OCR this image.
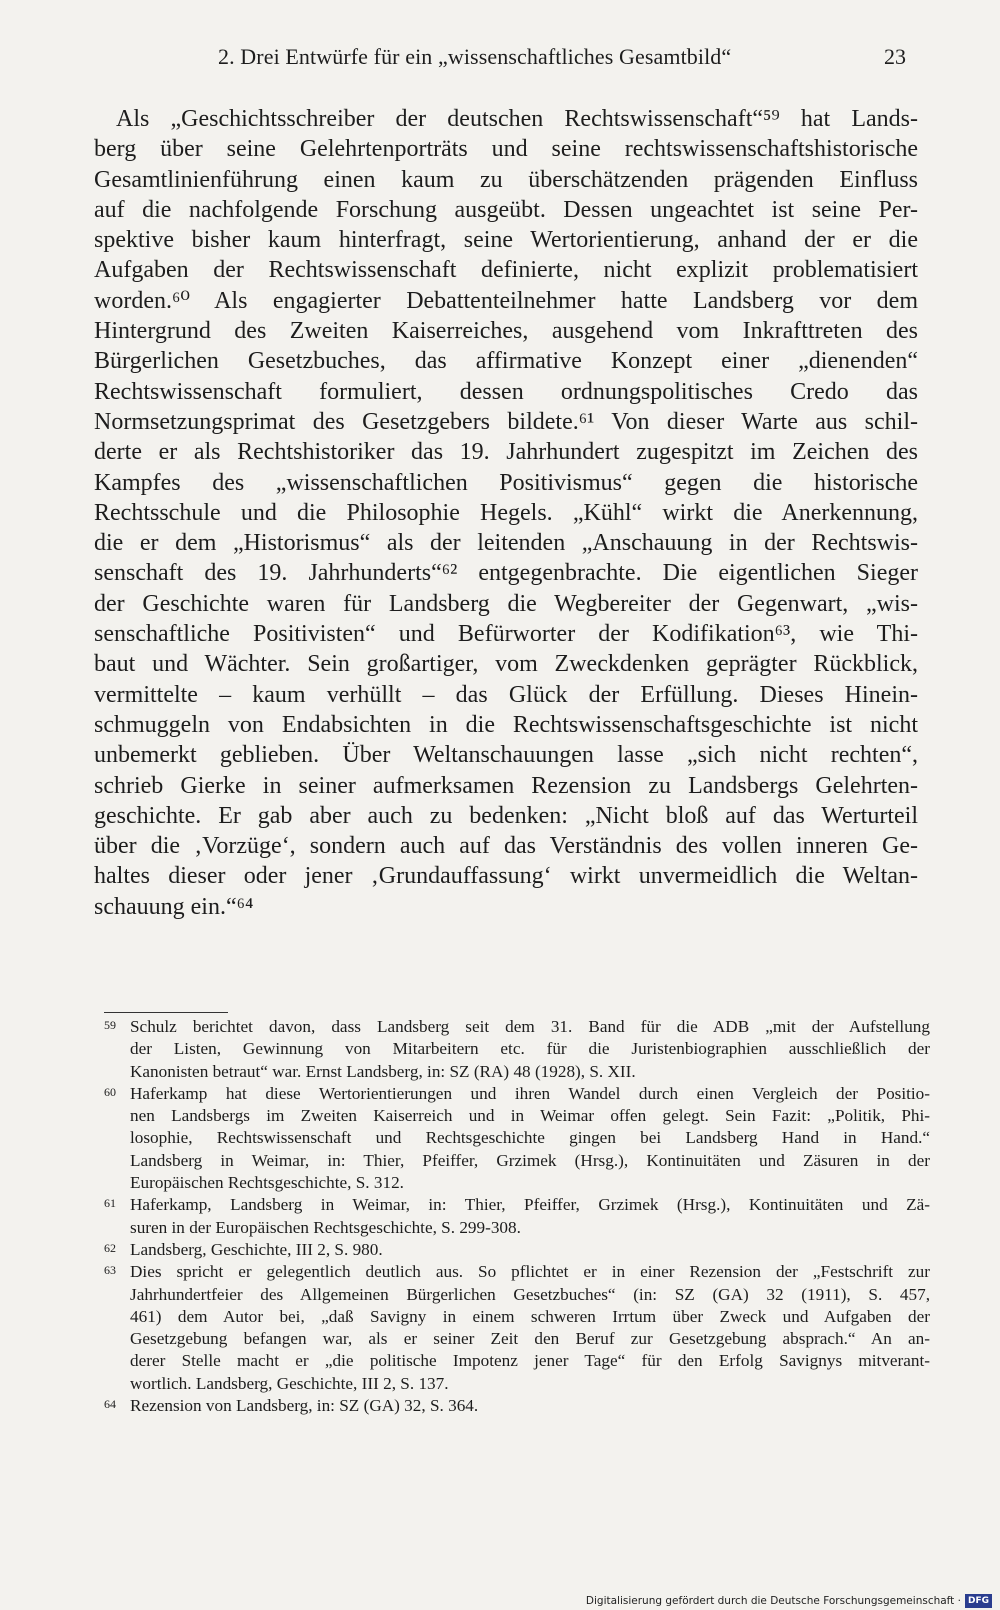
2. Drei Entwürfe für ein „wissenschaftliches Gesamtbild“	23
Als „Geschichtsschreiber der deutschen Rechtswissenschaft“⁵⁹ hat Lands-
berg über seine Gelehrtenporträts und seine rechtswissenschaftshistorische
Gesamtlinienführung einen kaum zu überschätzenden prägenden Einfluss
auf die nachfolgende Forschung ausgeübt. Dessen ungeachtet ist seine Per-
spektive bisher kaum hinterfragt, seine Wertorientierung, anhand der er die
Aufgaben der Rechtswissenschaft definierte, nicht explizit problematisiert
worden.⁶⁰ Als engagierter Debattenteilnehmer hatte Landsberg vor dem
Hintergrund des Zweiten Kaiserreiches, ausgehend vom Inkrafttreten des
Bürgerlichen Gesetzbuches, das affirmative Konzept einer „dienenden“
Rechtswissenschaft formuliert, dessen ordnungspolitisches Credo das
Normsetzungsprimat des Gesetzgebers bildete.⁶¹ Von dieser Warte aus schil-
derte er als Rechtshistoriker das 19. Jahrhundert zugespitzt im Zeichen des
Kampfes des „wissenschaftlichen Positivismus“ gegen die historische
Rechtsschule und die Philosophie Hegels. „Kühl“ wirkt die Anerkennung,
die er dem „Historismus“ als der leitenden „Anschauung in der Rechtswis-
senschaft des 19. Jahrhunderts“⁶² entgegenbrachte. Die eigentlichen Sieger
der Geschichte waren für Landsberg die Wegbereiter der Gegenwart, „wis-
senschaftliche Positivisten“ und Befürworter der Kodifikation⁶³, wie Thi-
baut und Wächter. Sein großartiger, vom Zweckdenken geprägter Rückblick,
vermittelte – kaum verhüllt – das Glück der Erfüllung. Dieses Hinein-
schmuggeln von Endabsichten in die Rechtswissenschaftsgeschichte ist nicht
unbemerkt geblieben. Über Weltanschauungen lasse „sich nicht rechten“,
schrieb Gierke in seiner aufmerksamen Rezension zu Landsbergs Gelehrten-
geschichte. Er gab aber auch zu bedenken: „Nicht bloß auf das Werturteil
über die ‚Vorzüge‘, sondern auch auf das Verständnis des vollen inneren Ge-
haltes dieser oder jener ‚Grundauffassung‘ wirkt unvermeidlich die Weltan-
schauung ein.“⁶⁴
59 Schulz berichtet davon, dass Landsberg seit dem 31. Band für die ADB „mit der Aufstellung
der Listen, Gewinnung von Mitarbeitern etc. für die Juristenbiographien ausschließlich der
Kanonisten betraut“ war. Ernst Landsberg, in: SZ (RA) 48 (1928), S. XII.
60 Haferkamp hat diese Wertorientierungen und ihren Wandel durch einen Vergleich der Positio-
nen Landsbergs im Zweiten Kaiserreich und in Weimar offen gelegt. Sein Fazit: „Politik, Phi-
losophie, Rechtswissenschaft und Rechtsgeschichte gingen bei Landsberg Hand in Hand.“
Landsberg in Weimar, in: Thier, Pfeiffer, Grzimek (Hrsg.), Kontinuitäten und Zäsuren in der
Europäischen Rechtsgeschichte, S. 312.
61 Haferkamp, Landsberg in Weimar, in: Thier, Pfeiffer, Grzimek (Hrsg.), Kontinuitäten und Zä-
suren in der Europäischen Rechtsgeschichte, S. 299-308.
62 Landsberg, Geschichte, III 2, S. 980.
63 Dies spricht er gelegentlich deutlich aus. So pflichtet er in einer Rezension der „Festschrift zur
Jahrhundertfeier des Allgemeinen Bürgerlichen Gesetzbuches“ (in: SZ (GA) 32 (1911), S. 457,
461) dem Autor bei, „daß Savigny in einem schweren Irrtum über Zweck und Aufgaben der
Gesetzgebung befangen war, als er seiner Zeit den Beruf zur Gesetzgebung absprach.“ An an-
derer Stelle macht er „die politische Impotenz jener Tage“ für den Erfolg Savignys mitverant-
wortlich. Landsberg, Geschichte, III 2, S. 137.
64 Rezension von Landsberg, in: SZ (GA) 32, S. 364.
Digitalisierung gefördert durch die Deutsche Forschungsgemeinschaft · DFG
